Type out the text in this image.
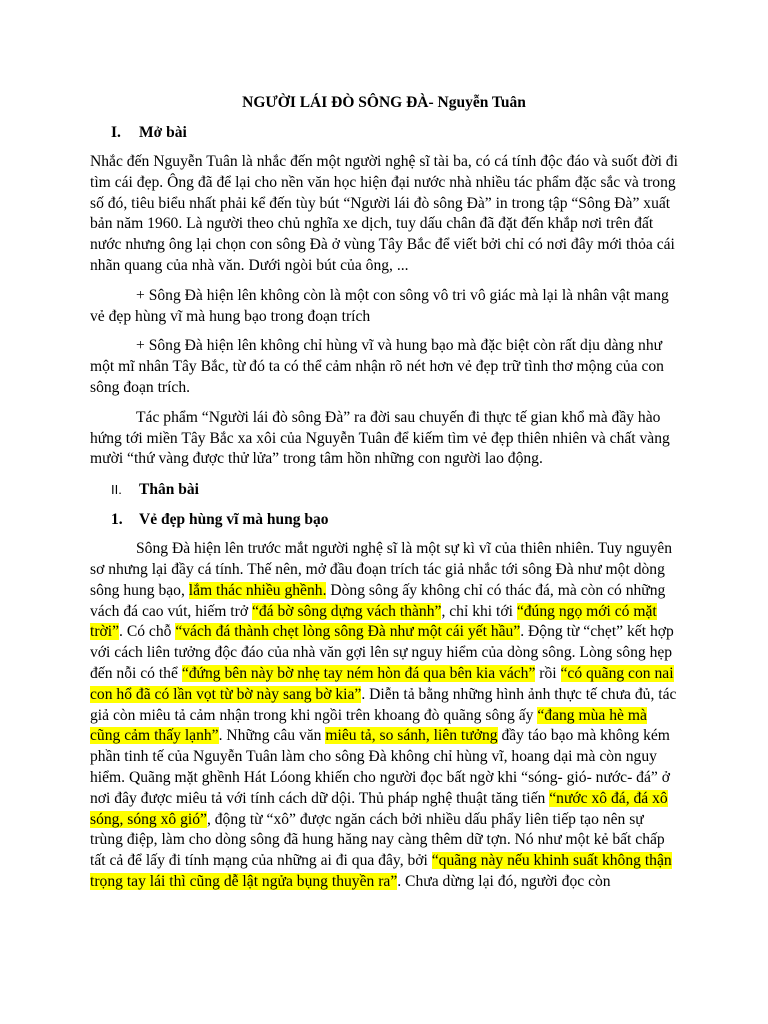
NGƯỜI LÁI ĐÒ SÔNG ĐÀ- Nguyễn Tuân
I.	Mở bài

Nhắc đến Nguyễn Tuân là nhắc đến một người nghệ sĩ tài ba, có cá tính độc đáo và suốt đời đi tìm cái đẹp. Ông đã để lại cho nền văn học hiện đại nước nhà nhiều tác phẩm đặc sắc và trong số đó, tiêu biểu nhất phải kể đến tùy bút “Người lái đò sông Đà” in trong tập “Sông Đà” xuất bản năm 1960. Là người theo chủ nghĩa xe dịch, tuy dấu chân đã đặt đến khắp nơi trên đất nước nhưng ông lại chọn con sông Đà ở vùng Tây Bắc để viết bởi chỉ có nơi đây mới thỏa cái nhãn quang của nhà văn. Dưới ngòi bút của ông, ...

+ Sông Đà hiện lên không còn là một con sông vô tri vô giác mà lại là nhân vật mang vẻ đẹp hùng vĩ mà hung bạo trong đoạn trích

+ Sông Đà hiện lên không chỉ hùng vĩ và hung bạo mà đặc biệt còn rất dịu dàng như một mĩ nhân Tây Bắc, từ đó ta có thể cảm nhận rõ nét hơn vẻ đẹp trữ tình thơ mộng của con sông đoạn trích.

Tác phẩm “Người lái đò sông Đà” ra đời sau chuyến đi thực tế gian khổ mà đầy hào hứng tới miền Tây Bắc xa xôi của Nguyễn Tuân để kiếm tìm vẻ đẹp thiên nhiên và chất vàng mười “thứ vàng được thử lửa” trong tâm hồn những con người lao động.

II.	Thân bài
1.	Vẻ đẹp hùng vĩ mà hung bạo

Sông Đà hiện lên trước mắt người nghệ sĩ là một sự kì vĩ của thiên nhiên. Tuy nguyên sơ nhưng lại đầy cá tính. Thế nên, mở đầu đoạn trích tác giả nhắc tới sông Đà như một dòng sông hung bạo, lắm thác nhiều ghềnh. Dòng sông ấy không chỉ có thác đá, mà còn có những vách đá cao vút, hiếm trở “đá bờ sông dựng vách thành”, chỉ khi tới “đúng ngọ mới có mặt trời”. Có chỗ “vách đá thành chẹt lòng sông Đà như một cái yết hầu”. Động từ “chẹt” kết hợp với cách liên tưởng độc đáo của nhà văn gợi lên sự nguy hiểm của dòng sông. Lòng sông hẹp đến nỗi có thể “đứng bên này bờ nhẹ tay ném hòn đá qua bên kia vách” rồi “có quãng con nai con hổ đã có lần vọt từ bờ này sang bờ kia”. Diễn tả bằng những hình ảnh thực tế chưa đủ, tác giả còn miêu tả cảm nhận trong khi ngồi trên khoang đò quãng sông ấy “đang mùa hè mà cũng cảm thấy lạnh”. Những câu văn miêu tả, so sánh, liên tưởng đầy táo bạo mà không kém phần tinh tế của Nguyễn Tuân làm cho sông Đà không chỉ hùng vĩ, hoang dại mà còn nguy hiểm. Quãng mặt ghềnh Hát Lóong khiến cho người đọc bất ngờ khi “sóng- gió- nước- đá” ở nơi đây được miêu tả với tính cách dữ dội. Thủ pháp nghệ thuật tăng tiến “nước xô đá, đá xô sóng, sóng xô gió”, động từ “xô” được ngăn cách bởi nhiều dấu phẩy liên tiếp tạo nên sự trùng điệp, làm cho dòng sông đã hung hăng nay càng thêm dữ tợn. Nó như một kẻ bất chấp tất cả để lấy đi tính mạng của những ai đi qua đây, bởi “quãng này nếu khinh suất không thận trọng tay lái thì cũng dễ lật ngửa bụng thuyền ra”. Chưa dừng lại đó, người đọc còn
